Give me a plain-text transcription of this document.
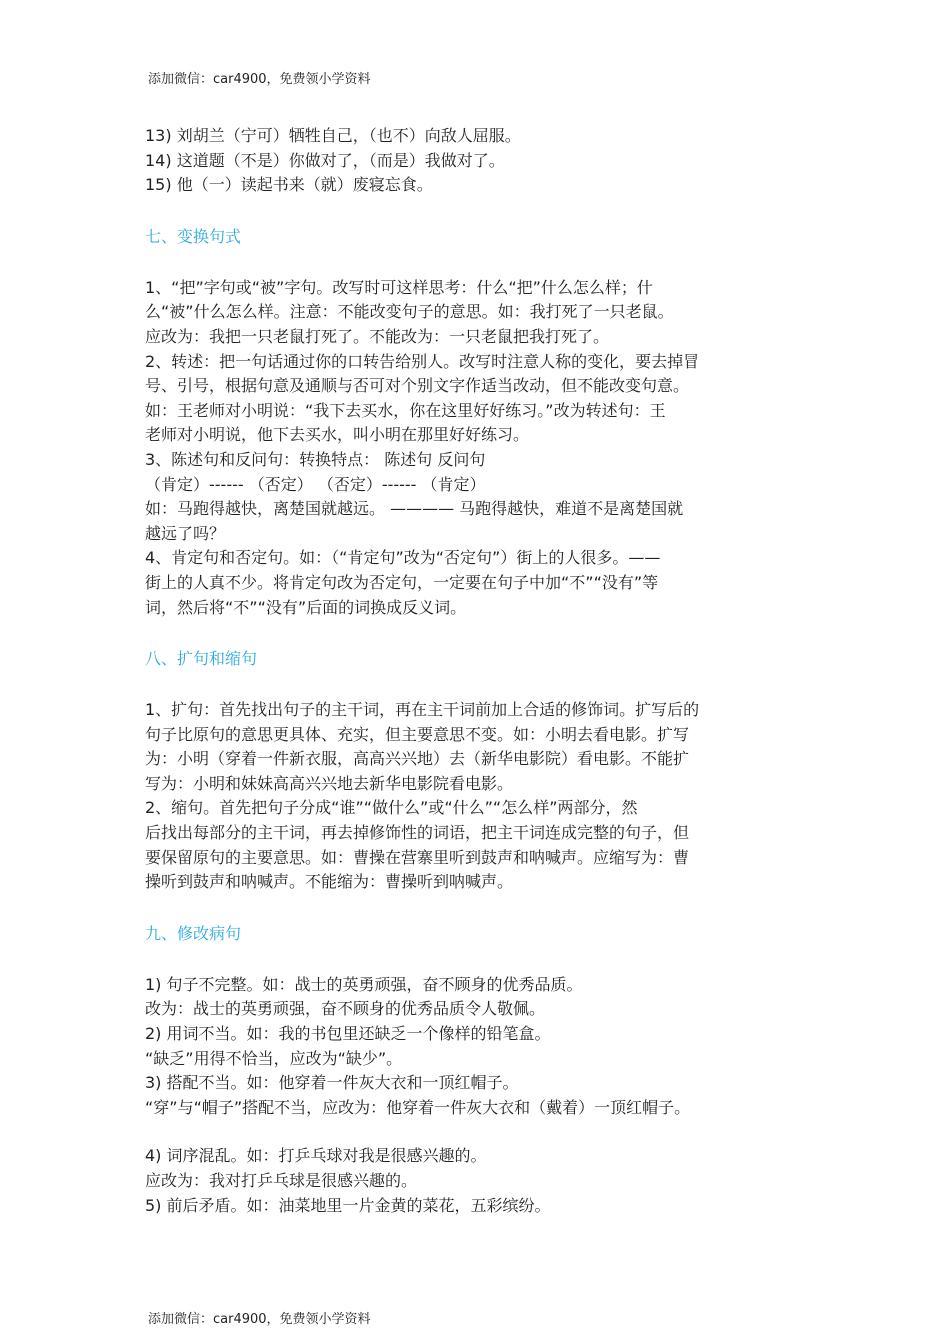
添加微信：car4900，免费领小学资料

13) 刘胡兰（宁可）牺牲自己，（也不）向敌人屈服。

14) 这道题（不是）你做对了，（而是）我做对了。

15) 他（一）读起书来（就）废寝忘食。

七、变换句式

1、“把”字句或“被”字句。改写时可这样思考：什么“把”什么怎么样；什

么“被”什么怎么样。注意：不能改变句子的意思。如：我打死了一只老鼠。

应改为：我把一只老鼠打死了。不能改为：一只老鼠把我打死了。

2、转述：把一句话通过你的口转告给别人。改写时注意人称的变化，要去掉冒

号、引号，根据句意及通顺与否可对个别文字作适当改动，但不能改变句意。

如：王老师对小明说：“我下去买水，你在这里好好练习。”改为转述句：王

老师对小明说，他下去买水，叫小明在那里好好练习。

3、陈述句和反问句：转换特点： 陈述句 反问句

（肯定）------ （否定） （否定）------ （肯定）

如：马跑得越快，离楚国就越远。 ———— 马跑得越快，难道不是离楚国就

越远了吗？

4、肯定句和否定句。如：（“肯定句”改为“否定句”）街上的人很多。——

街上的人真不少。将肯定句改为否定句，一定要在句子中加“不”“没有”等

词，然后将“不”“没有”后面的词换成反义词。

八、扩句和缩句

1、扩句：首先找出句子的主干词，再在主干词前加上合适的修饰词。扩写后的

句子比原句的意思更具体、充实，但主要意思不变。如：小明去看电影。扩写

为：小明（穿着一件新衣服，高高兴兴地）去（新华电影院）看电影。不能扩

写为：小明和妹妹高高兴兴地去新华电影院看电影。

2、缩句。首先把句子分成“谁”“做什么”或“什么”“怎么样”两部分，然

后找出每部分的主干词，再去掉修饰性的词语，把主干词连成完整的句子，但

要保留原句的主要意思。如：曹操在营寨里听到鼓声和呐喊声。应缩写为：曹

操听到鼓声和呐喊声。不能缩为：曹操听到呐喊声。

九、修改病句

1) 句子不完整。如：战士的英勇顽强，奋不顾身的优秀品质。

改为：战士的英勇顽强，奋不顾身的优秀品质令人敬佩。

2) 用词不当。如：我的书包里还缺乏一个像样的铅笔盒。

“缺乏”用得不恰当，应改为“缺少”。

3) 搭配不当。如：他穿着一件灰大衣和一顶红帽子。

“穿”与“帽子”搭配不当，应改为：他穿着一件灰大衣和（戴着）一顶红帽子。

4) 词序混乱。如：打乒乓球对我是很感兴趣的。

应改为：我对打乒乓球是很感兴趣的。

5) 前后矛盾。如：油菜地里一片金黄的菜花，五彩缤纷。

添加微信：car4900，免费领小学资料
